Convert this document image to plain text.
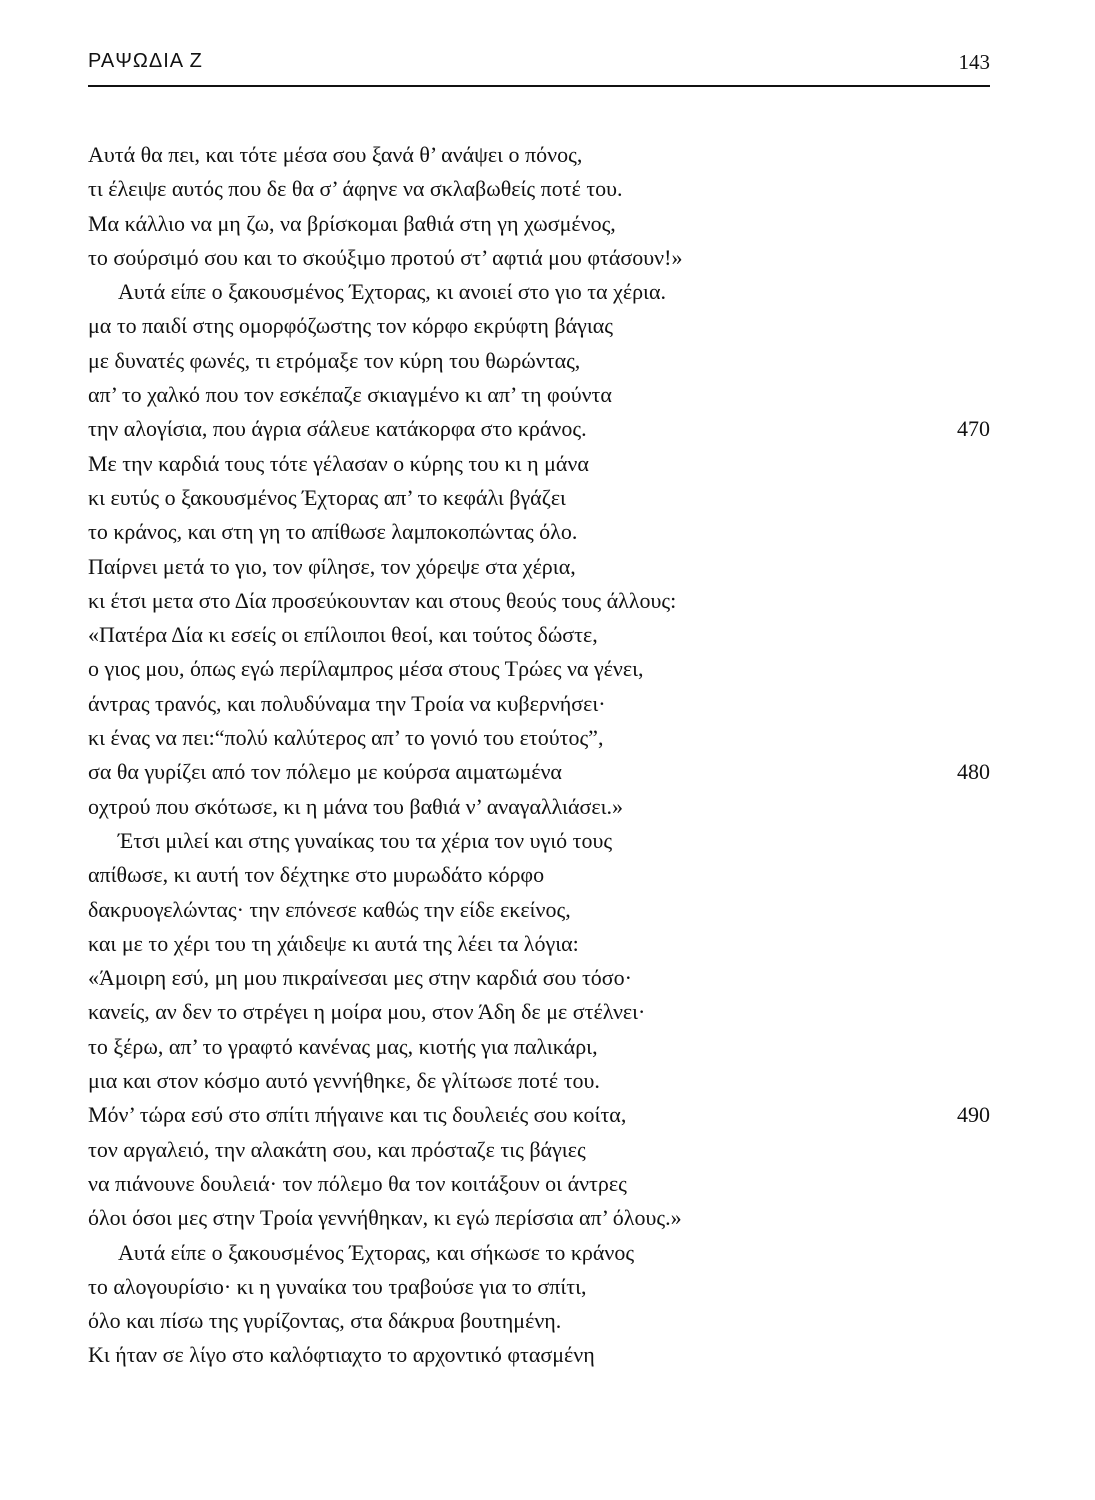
ΡΑΨΩΔΙΑ Ζ	143
Αυτά θα πει, και τότε μέσα σου ξανά θ’ ανάψει ο πόνος,
τι έλειψε αυτός που δε θα σ’ άφηνε να σκλαβωθείς ποτέ του.
Μα κάλλιο να μη ζω, να βρίσκομαι βαθιά στη γη χωσμένος,
το σούρσιμό σου και το σκούξιμο προτού στ’ αφτιά μου φτάσουν!»
Αυτά είπε ο ξακουσμένος Έχτορας, κι ανοιεί στο γιο τα χέρια.
μα το παιδί στης ομορφόζωστης τον κόρφο εκρύφτη βάγιας
με δυνατές φωνές, τι ετρόμαξε τον κύρη του θωρώντας,
απ’ το χαλκό που τον εσκέπαζε σκιαγμένο κι απ’ τη φούντα
την αλογίσια, που άγρια σάλευε κατάκορφα στο κράνος.	470
Με την καρδιά τους τότε γέλασαν ο κύρης του κι η μάνα
κι ευτύς ο ξακουσμένος Έχτορας απ’ το κεφάλι βγάζει
το κράνος, και στη γη το απίθωσε λαμποκοπώντας όλο.
Παίρνει μετά το γιο, τον φίλησε, τον χόρεψε στα χέρια,
κι έτσι μετα στο Δία προσεύκουνταν και στους θεούς τους άλλους:
«Πατέρα Δία κι εσείς οι επίλοιποι θεοί, και τούτος δώστε,
ο γιος μου, όπως εγώ περίλαμπρος μέσα στους Τρώες να γένει,
άντρας τρανός, και πολυδύναμα την Τροία να κυβερνήσει·
κι ένας να πει:“πολύ καλύτερος απ’ το γονιό του ετούτος”,
σα θα γυρίζει από τον πόλεμο με κούρσα αιματωμένα	480
οχτρού που σκότωσε, κι η μάνα του βαθιά ν’ αναγαλλιάσει.»
Έτσι μιλεί και στης γυναίκας του τα χέρια τον υγιό τους
απίθωσε, κι αυτή τον δέχτηκε στο μυρωδάτο κόρφο
δακρυογελώντας· την επόνεσε καθώς την είδε εκείνος,
και με το χέρι του τη χάιδεψε κι αυτά της λέει τα λόγια:
«Άμοιρη εσύ, μη μου πικραίνεσαι μες στην καρδιά σου τόσο·
κανείς, αν δεν το στρέγει η μοίρα μου, στον Άδη δε με στέλνει·
το ξέρω, απ’ το γραφτό κανένας μας, κιοτής για παλικάρι,
μια και στον κόσμο αυτό γεννήθηκε, δε γλίτωσε ποτέ του.
Μόν’ τώρα εσύ στο σπίτι πήγαινε και τις δουλειές σου κοίτα,	490
τον αργαλειό, την αλακάτη σου, και πρόσταζε τις βάγιες
να πιάνουνε δουλειά· τον πόλεμο θα τον κοιτάξουν οι άντρες
όλοι όσοι μες στην Τροία γεννήθηκαν, κι εγώ περίσσια απ’ όλους.»
Αυτά είπε ο ξακουσμένος Έχτορας, και σήκωσε το κράνος
το αλογουρίσιο· κι η γυναίκα του τραβούσε για το σπίτι,
όλο και πίσω της γυρίζοντας, στα δάκρυα βουτημένη.
Κι ήταν σε λίγο στο καλόφτιαχτο το αρχοντικό φτασμένη
